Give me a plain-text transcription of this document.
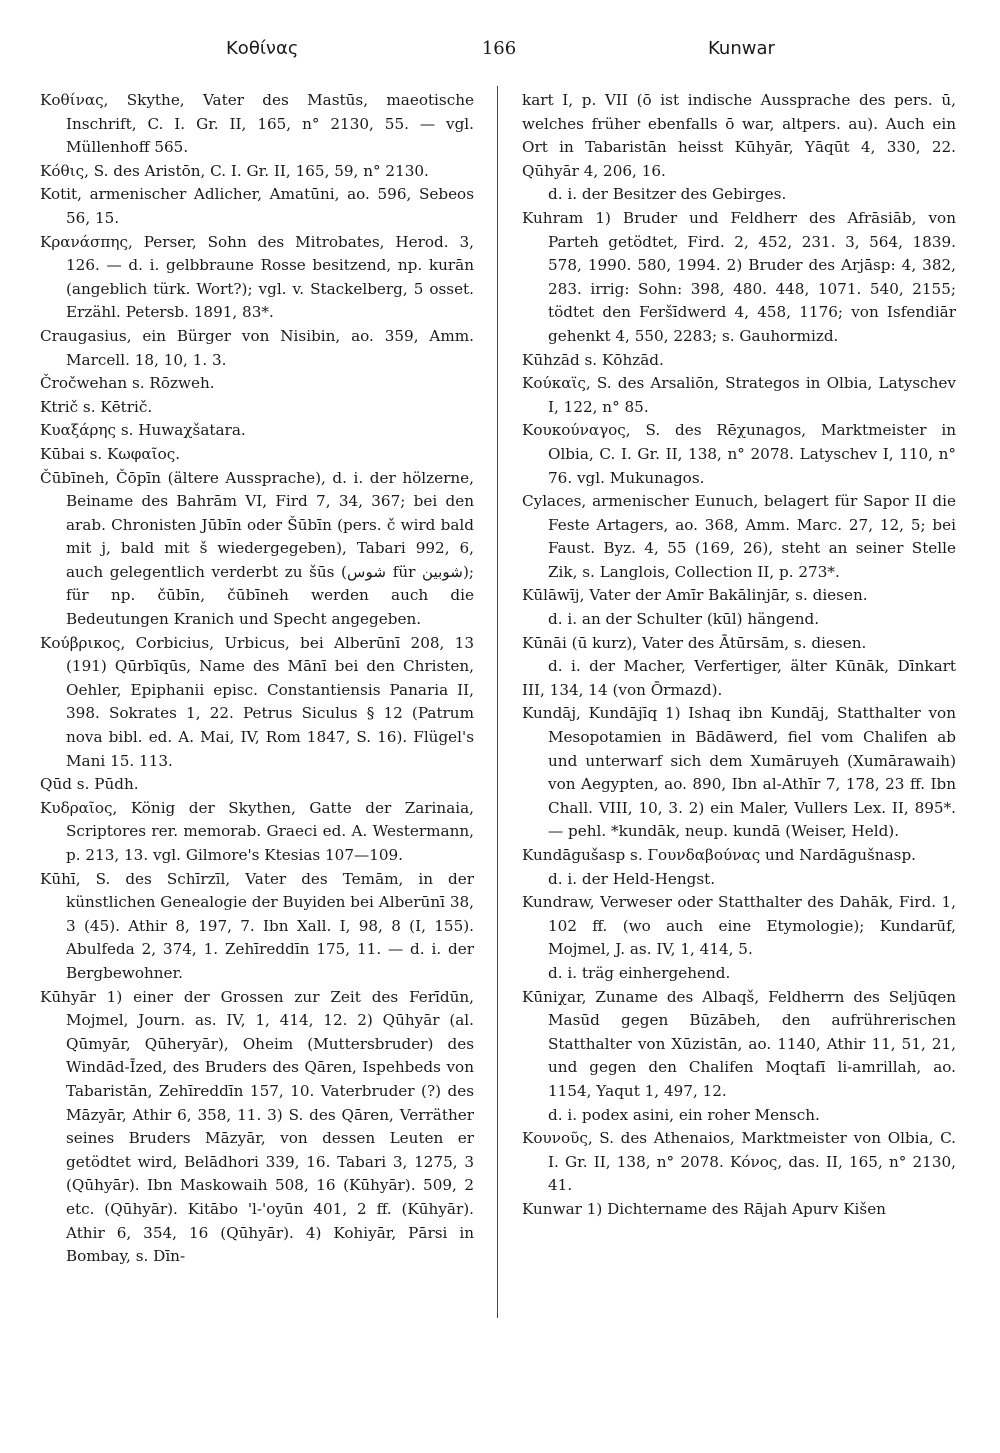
Κοθίνας	166	Kunwar

Κοθίνας, Skythe, Vater des Mastūs, maeotische Inschrift, C. I. Gr. II, 165, n° 2130, 55. — vgl. Müllenhoff 565.

Κόθις, S. des Aristōn, C. I. Gr. II, 165, 59, n° 2130.

Kotit, armenischer Adlicher, Amatūni, ao. 596, Sebeos 56, 15.

Κρανάσπης, Perser, Sohn des Mitrobates, Herod. 3, 126. — d. i. gelbbraune Rosse besitzend, np. kurān (angeblich türk. Wort?); vgl. v. Stackelberg, 5 osset. Erzähl. Petersb. 1891, 83*.

Craugasius, ein Bürger von Nisibin, ao. 359, Amm. Marcell. 18, 10, 1. 3.

Čročwehan s. Rōzweh.

Ktrič s. Kētrič.

Κυαξάρης s. Huwaχšatara.

Kūbai s. Κωφαῖος.

Čūbīneh, Čōpīn (ältere Aussprache), d. i. der hölzerne, Beiname des Bahrām VI, Fird 7, 34, 367; bei den arab. Chronisten Jūbīn oder Šūbīn (pers. č wird bald mit j, bald mit š wiedergegeben), Tabari 992, 6, auch gelegentlich verderbt zu šūs (شوس für شوبين); für np. čūbīn, čūbīneh werden auch die Bedeutungen Kranich und Specht angegeben.

Κούβρικος, Corbicius, Urbicus, bei Alberūnī 208, 13 (191) Qūrbīqūs, Name des Mānī bei den Christen, Oehler, Epiphanii episc. Constantiensis Panaria II, 398. Sokrates 1, 22. Petrus Siculus § 12 (Patrum nova bibl. ed. A. Mai, IV, Rom 1847, S. 16). Flügel's Mani 15. 113.

Qūd s. Pūdh.

Κυδραῖος, König der Skythen, Gatte der Zarinaia, Scriptores rer. memorab. Graeci ed. A. Westermann, p. 213, 13. vgl. Gilmore's Ktesias 107—109.

Kūhī, S. des Schīrzīl, Vater des Temām, in der künstlichen Genealogie der Buyiden bei Alberūnī 38, 3 (45). Athir 8, 197, 7. Ibn Xall. I, 98, 8 (I, 155). Abulfeda 2, 374, 1. Zehīreddīn 175, 11. — d. i. der Bergbewohner.

Kūhyār 1) einer der Grossen zur Zeit des Ferīdūn, Mojmel, Journ. as. IV, 1, 414, 12. 2) Qūhyār (al. Qūmyār, Qūheryār), Oheim (Muttersbruder) des Windād-Īzed, des Bruders des Qāren, Ispehbeds von Tabaristān, Zehīreddīn 157, 10. Vaterbruder (?) des Māzyār, Athir 6, 358, 11. 3) S. des Qāren, Verräther seines Bruders Māzyār, von dessen Leuten er getödtet wird, Belādhori 339, 16. Tabari 3, 1275, 3 (Qūhyār). Ibn Maskowaih 508, 16 (Kūhyār). 509, 2 etc. (Qūhyār). Kitābo 'l-'oyūn 401, 2 ff. (Kūhyār). Athir 6, 354, 16 (Qūhyār). 4) Kohiyār, Pārsi in Bombay, s. Dīn-

kart I, p. VII (ō ist indische Aussprache des pers. ū, welches früher ebenfalls ō war, altpers. au). Auch ein Ort in Tabaristān heisst Kūhyār, Yāqūt 4, 330, 22. Qūhyār 4, 206, 16.

d. i. der Besitzer des Gebirges.

Kuhram 1) Bruder und Feldherr des Afrāsiāb, von Parteh getödtet, Fird. 2, 452, 231. 3, 564, 1839. 578, 1990. 580, 1994. 2) Bruder des Arjāsp: 4, 382, 283. irrig: Sohn: 398, 480. 448, 1071. 540, 2155; tödtet den Feršīdwerd 4, 458, 1176; von Isfendiār gehenkt 4, 550, 2283; s. Gauhormizd.

Kūhzād s. Kōhzād.

Κούκαϊς, S. des Arsaliōn, Strategos in Olbia, Latyschev I, 122, n° 85.

Κουκούναγος, S. des Rēχunagos, Marktmeister in Olbia, C. I. Gr. II, 138, n° 2078. Latyschev I, 110, n° 76. vgl. Mukunagos.

Cylaces, armenischer Eunuch, belagert für Sapor II die Feste Artagers, ao. 368, Amm. Marc. 27, 12, 5; bei Faust. Byz. 4, 55 (169, 26), steht an seiner Stelle Zik, s. Langlois, Collection II, p. 273*.

Kūlāwīj, Vater der Amīr Bakālinjār, s. diesen.

d. i. an der Schulter (kūl) hängend.

Kūnāi (ū kurz), Vater des Ātūrsām, s. diesen.

d. i. der Macher, Verfertiger, älter Kūnāk, Dīnkart III, 134, 14 (von Ōrmazd).

Kundāj, Kundājīq 1) Ishaq ibn Kundāj, Statthalter von Mesopotamien in Bādāwerd, fiel vom Chalifen ab und unterwarf sich dem Xumāruyeh (Xumārawaih) von Aegypten, ao. 890, Ibn al-Athīr 7, 178, 23 ff. Ibn Chall. VIII, 10, 3. 2) ein Maler, Vullers Lex. II, 895*. — pehl. *kundāk, neup. kundā (Weiser, Held).

Kundāgušasp s. Γουνδαβούνας und Nardāgušnasp.

d. i. der Held-Hengst.

Kundraw, Verweser oder Statthalter des Dahāk, Fird. 1, 102 ff. (wo auch eine Etymologie); Kundarūf, Mojmel, J. as. IV, 1, 414, 5.

d. i. träg einhergehend.

Kūniχar, Zuname des Albaqš, Feldherrn des Seljūqen Masūd gegen Būzābeh, den aufrührerischen Statthalter von Xūzistān, ao. 1140, Athir 11, 51, 21, und gegen den Chalifen Moqtafī li-amrillah, ao. 1154, Yaqut 1, 497, 12.

d. i. podex asini, ein roher Mensch.

Κουνοῦς, S. des Athenaios, Marktmeister von Olbia, C. I. Gr. II, 138, n° 2078. Κόνος, das. II, 165, n° 2130, 41.

Kunwar 1) Dichtername des Rājah Apurv Kišen
